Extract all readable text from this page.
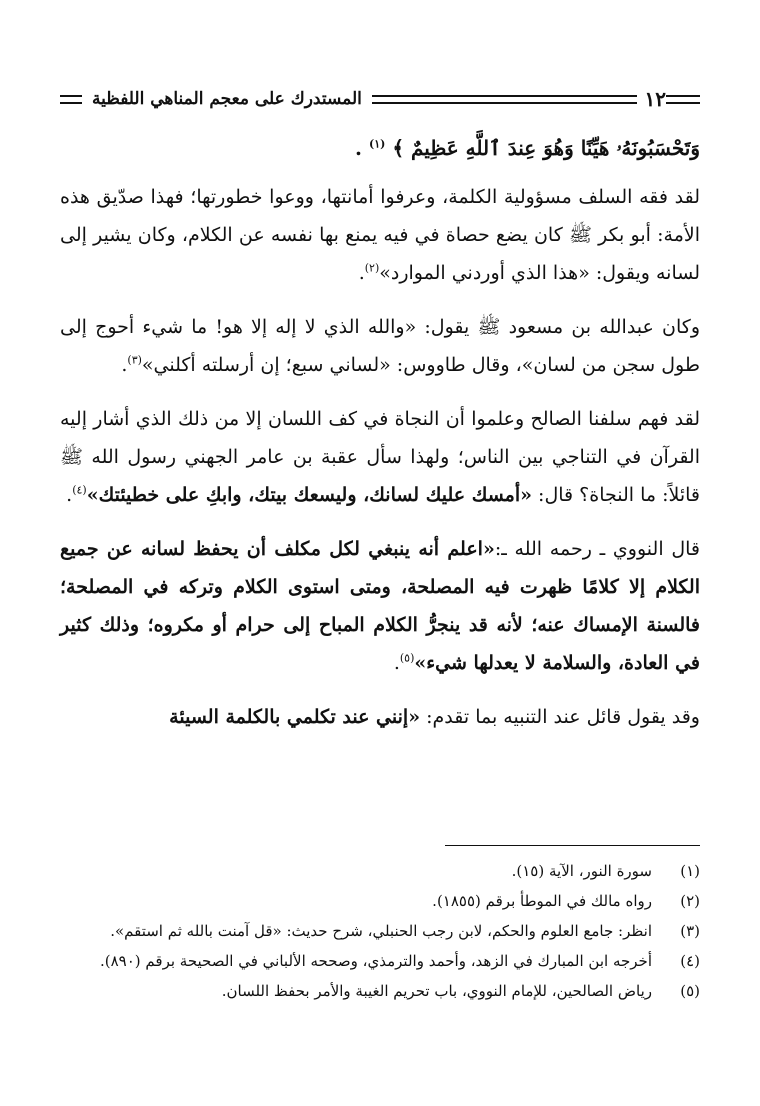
١٢
المستدرك على معجم المناهي اللفظية

وَتَحْسَبُونَهُۥ هَيِّنًا وَهُوَ عِندَ ٱللَّهِ عَظِيمٌ ﴾ $^{(١)}$ .

لقد فقه السلف مسؤولية الكلمة، وعرفوا أمانتها، ووعوا خطورتها؛ فهذا صدّيق هذه الأمة: أبو بكر ﷺ كان يضع حصاة في فيه يمنع بها نفسه عن الكلام، وكان يشير إلى لسانه ويقول: «هذا الذي أوردني الموارد»$^{(٢)}$.

وكان عبدالله بن مسعود ﷺ يقول: «والله الذي لا إله إلا هو! ما شيء أحوج إلى طول سجن من لسان»، وقال طاووس: «لساني سبع؛ إن أرسلته أكلني»$^{(٣)}$.

لقد فهم سلفنا الصالح وعلموا أن النجاة في كف اللسان إلا من ذلك الذي أشار إليه القرآن في التناجي بين الناس؛ ولهذا سأل عقبة بن عامر الجهني رسول الله ﷺ قائلاً: ما النجاة؟ قال: «أمسك عليك لسانك، وليسعك بيتك، وابكِ على خطيئتك»$^{(٤)}$.

قال النووي ـ رحمه الله ـ:«اعلم أنه ينبغي لكل مكلف أن يحفظ لسانه عن جميع الكلام إلا كلامًا ظهرت فيه المصلحة، ومتى استوى الكلام وتركه في المصلحة؛ فالسنة الإمساك عنه؛ لأنه قد ينجرُّ الكلام المباح إلى حرام أو مكروه؛ وذلك كثير في العادة، والسلامة لا يعدلها شيء»$^{(٥)}$.

وقد يقول قائل عند التنبيه بما تقدم: «إنني عند تكلمي بالكلمة السيئة

(١)
سورة النور، الآية (١٥).
(٢)
رواه مالك في الموطأ برقم (١٨٥٥).
(٣)
انظر: جامع العلوم والحكم، لابن رجب الحنبلي، شرح حديث: «قل آمنت بالله ثم استقم».
(٤)
أخرجه ابن المبارك في الزهد، وأحمد والترمذي، وصححه الألباني في الصحيحة برقم (٨٩٠).
(٥)
رياض الصالحين، للإمام النووي، باب تحريم الغيبة والأمر بحفظ اللسان.
